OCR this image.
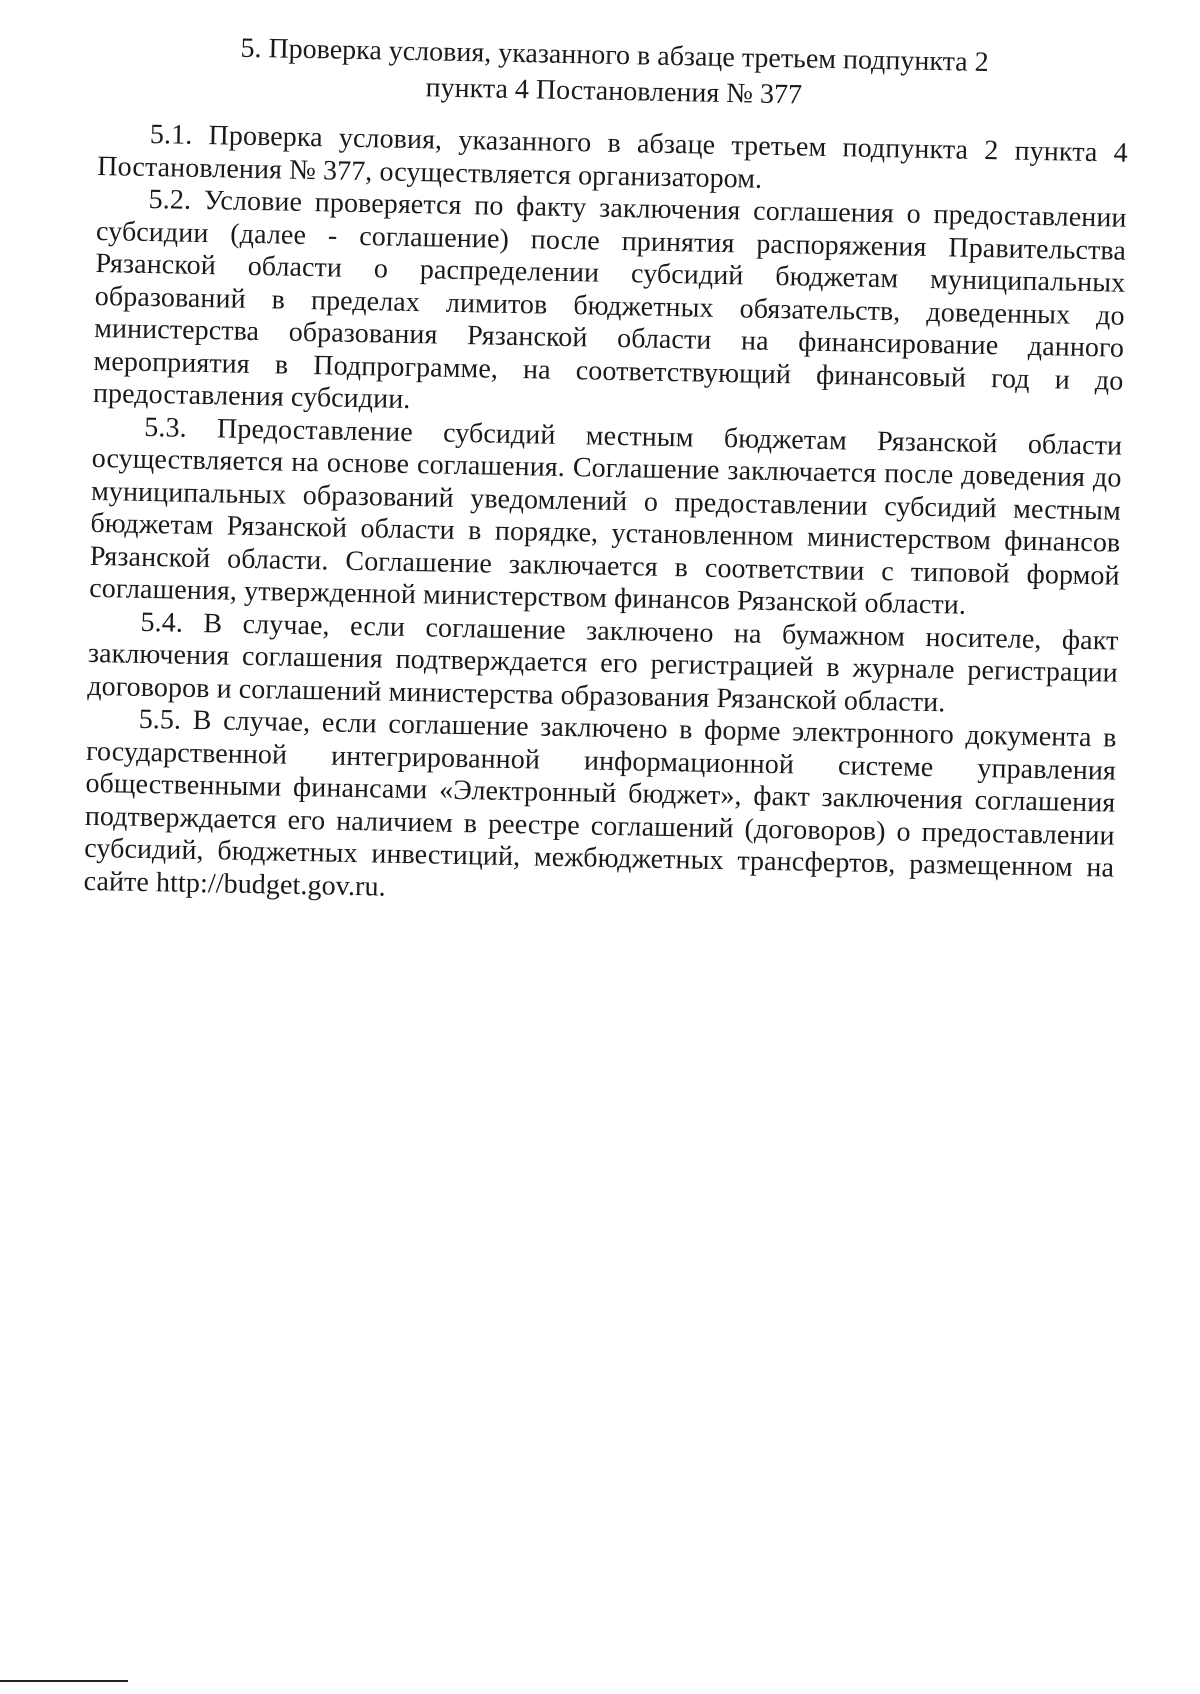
5. Проверка условия, указанного в абзаце третьем подпункта 2
пункта 4 Постановления № 377

5.1. Проверка условия, указанного в абзаце третьем подпункта 2 пункта 4 Постановления № 377, осуществляется организатором.

5.2. Условие проверяется по факту заключения соглашения о предоставлении субсидии (далее - соглашение) после принятия распоряжения Правительства Рязанской области о распределении субсидий бюджетам муниципальных образований в пределах лимитов бюджетных обязательств, доведенных до министерства образования Рязанской области на финансирование данного мероприятия в Подпрограмме, на соответствующий финансовый год и до предоставления субсидии.

5.3. Предоставление субсидий местным бюджетам Рязанской области осуществляется на основе соглашения. Соглашение заключается после доведения до муниципальных образований уведомлений о предоставлении субсидий местным бюджетам Рязанской области в порядке, установленном министерством финансов Рязанской области. Соглашение заключается в соответствии с типовой формой соглашения, утвержденной министерством финансов Рязанской области.

5.4. В случае, если соглашение заключено на бумажном носителе, факт заключения соглашения подтверждается его регистрацией в журнале регистрации договоров и соглашений министерства образования Рязанской области.

5.5. В случае, если соглашение заключено в форме электронного документа в государственной интегрированной информационной системе управления общественными финансами «Электронный бюджет», факт заключения соглашения подтверждается его наличием в реестре соглашений (договоров) о предоставлении субсидий, бюджетных инвестиций, межбюджетных трансфертов, размещенном на сайте http://budget.gov.ru.
